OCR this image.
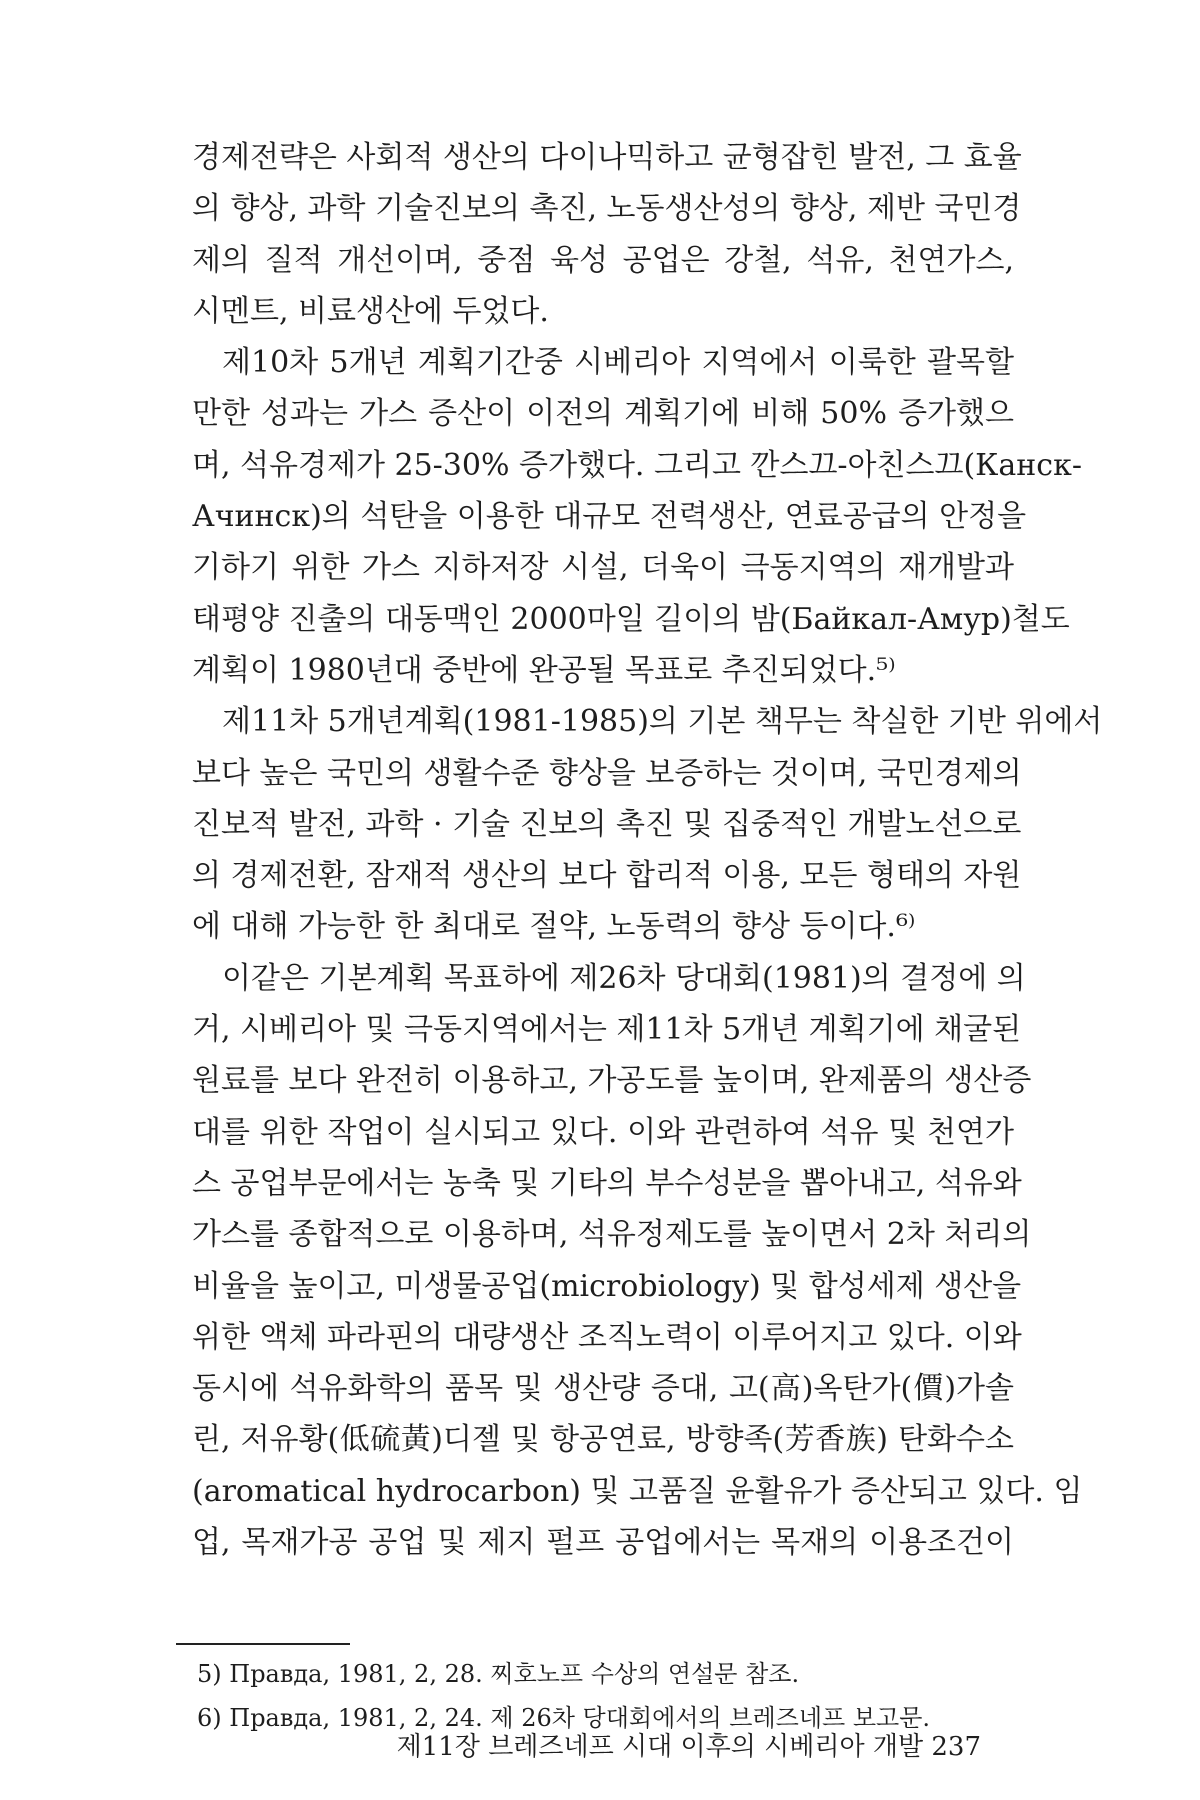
경제전략은 사회적 생산의 다이나믹하고 균형잡힌 발전, 그 효율
의 향상, 과학 기술진보의 촉진, 노동생산성의 향상, 제반 국민경
제의 질적 개선이며, 중점 육성 공업은 강철, 석유, 천연가스,
시멘트, 비료생산에 두었다.
제10차 5개년 계획기간중 시베리아 지역에서 이룩한 괄목할
만한 성과는 가스 증산이 이전의 계획기에 비해 50% 증가했으
며, 석유경제가 25-30% 증가했다. 그리고 깐스끄-아친스끄(Канск-
Ачинск)의 석탄을 이용한 대규모 전력생산, 연료공급의 안정을
기하기 위한 가스 지하저장 시설, 더욱이 극동지역의 재개발과
태평양 진출의 대동맥인 2000마일 길이의 밤(Байкал-Амур)철도
계획이 1980년대 중반에 완공될 목표로 추진되었다.⁵⁾
제11차 5개년계획(1981-1985)의 기본 책무는 착실한 기반 위에서
보다 높은 국민의 생활수준 향상을 보증하는 것이며, 국민경제의
진보적 발전, 과학 · 기술 진보의 촉진 및 집중적인 개발노선으로
의 경제전환, 잠재적 생산의 보다 합리적 이용, 모든 형태의 자원
에 대해 가능한 한 최대로 절약, 노동력의 향상 등이다.⁶⁾
이같은 기본계획 목표하에 제26차 당대회(1981)의 결정에 의
거, 시베리아 및 극동지역에서는 제11차 5개년 계획기에 채굴된
원료를 보다 완전히 이용하고, 가공도를 높이며, 완제품의 생산증
대를 위한 작업이 실시되고 있다. 이와 관련하여 석유 및 천연가
스 공업부문에서는 농축 및 기타의 부수성분을 뽑아내고, 석유와
가스를 종합적으로 이용하며, 석유정제도를 높이면서 2차 처리의
비율을 높이고, 미생물공업(microbiology) 및 합성세제 생산을
위한 액체 파라핀의 대량생산 조직노력이 이루어지고 있다. 이와
동시에 석유화학의 품목 및 생산량 증대, 고(高)옥탄가(價)가솔
린, 저유황(低硫黃)디젤 및 항공연료, 방향족(芳香族) 탄화수소
(aromatical hydrocarbon) 및 고품질 윤활유가 증산되고 있다. 임
업, 목재가공 공업 및 제지 펄프 공업에서는 목재의 이용조건이
5) Правда, 1981, 2, 28. 찌호노프 수상의 연설문 참조.
6) Правда, 1981, 2, 24. 제 26차 당대회에서의 브레즈네프 보고문.
제11장 브레즈네프 시대 이후의 시베리아 개발 237
